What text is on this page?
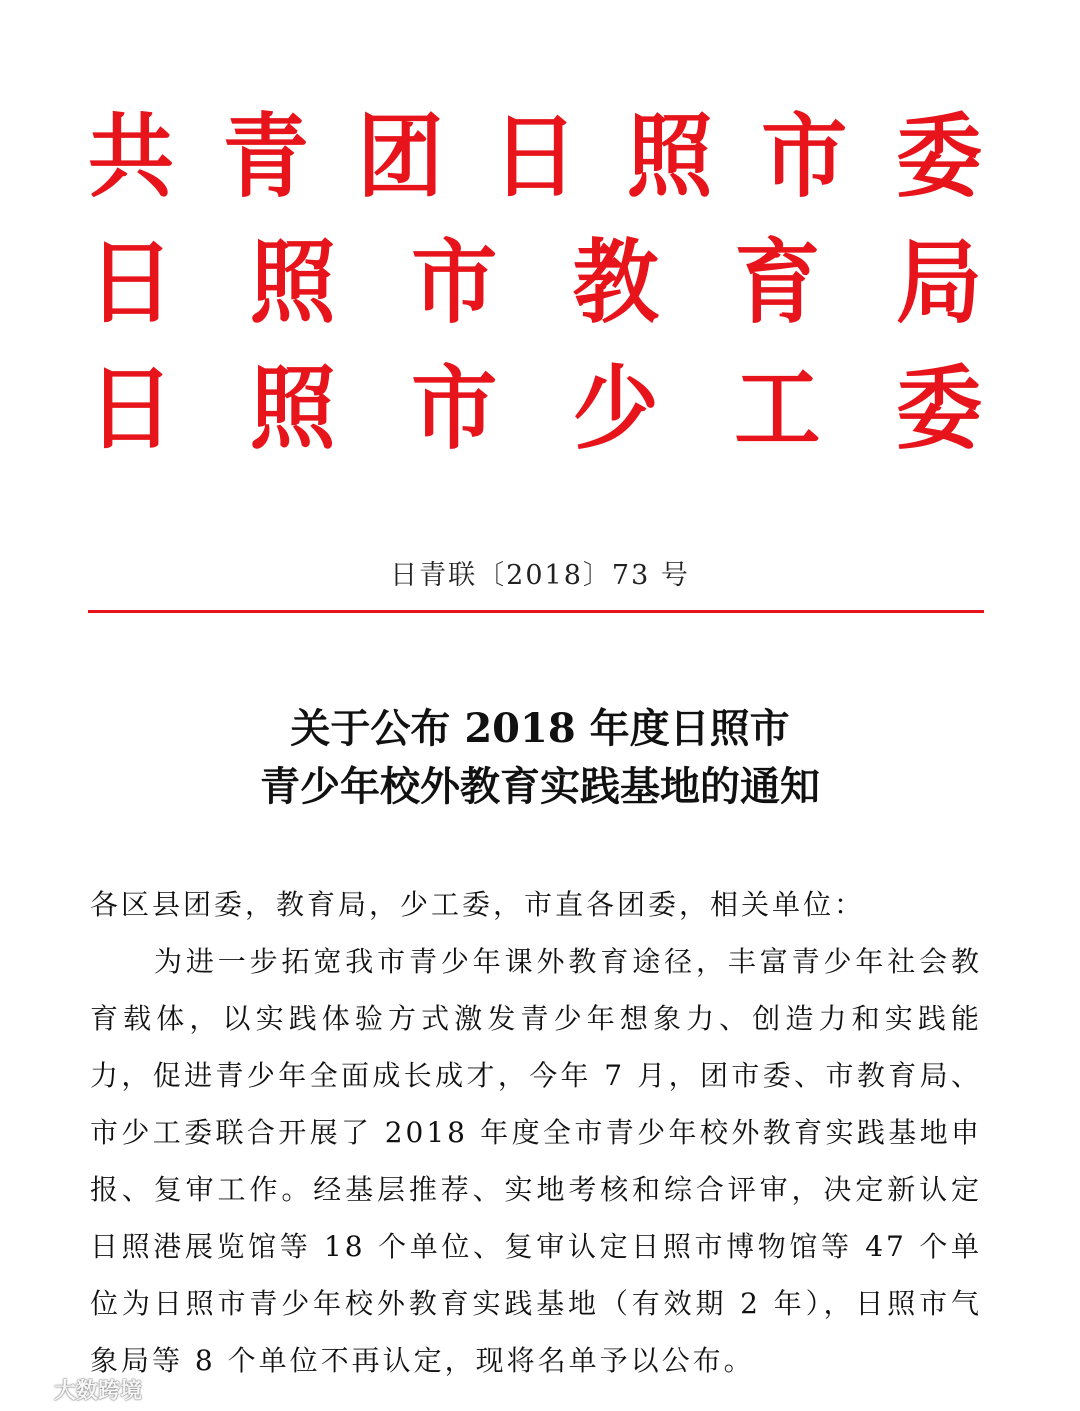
共 青 团 日 照 市 委
日 照 市 教 育 局
日 照 市 少 工 委
日青联〔2018〕73 号
关于公布 2018 年度日照市
青少年校外教育实践基地的通知

各区县团委，教育局，少工委，市直各团委，相关单位：

为进一步拓宽我市青少年课外教育途径，丰富青少年社会教育载体，以实践体验方式激发青少年想象力、创造力和实践能力，促进青少年全面成长成才，今年 7 月，团市委、市教育局、市少工委联合开展了 2018 年度全市青少年校外教育实践基地申报、复审工作。经基层推荐、实地考核和综合评审，决定新认定日照港展览馆等 18 个单位、复审认定日照市博物馆等 47 个单位为日照市青少年校外教育实践基地（有效期 2 年），日照市气象局等 8 个单位不再认定，现将名单予以公布。

大数跨境
